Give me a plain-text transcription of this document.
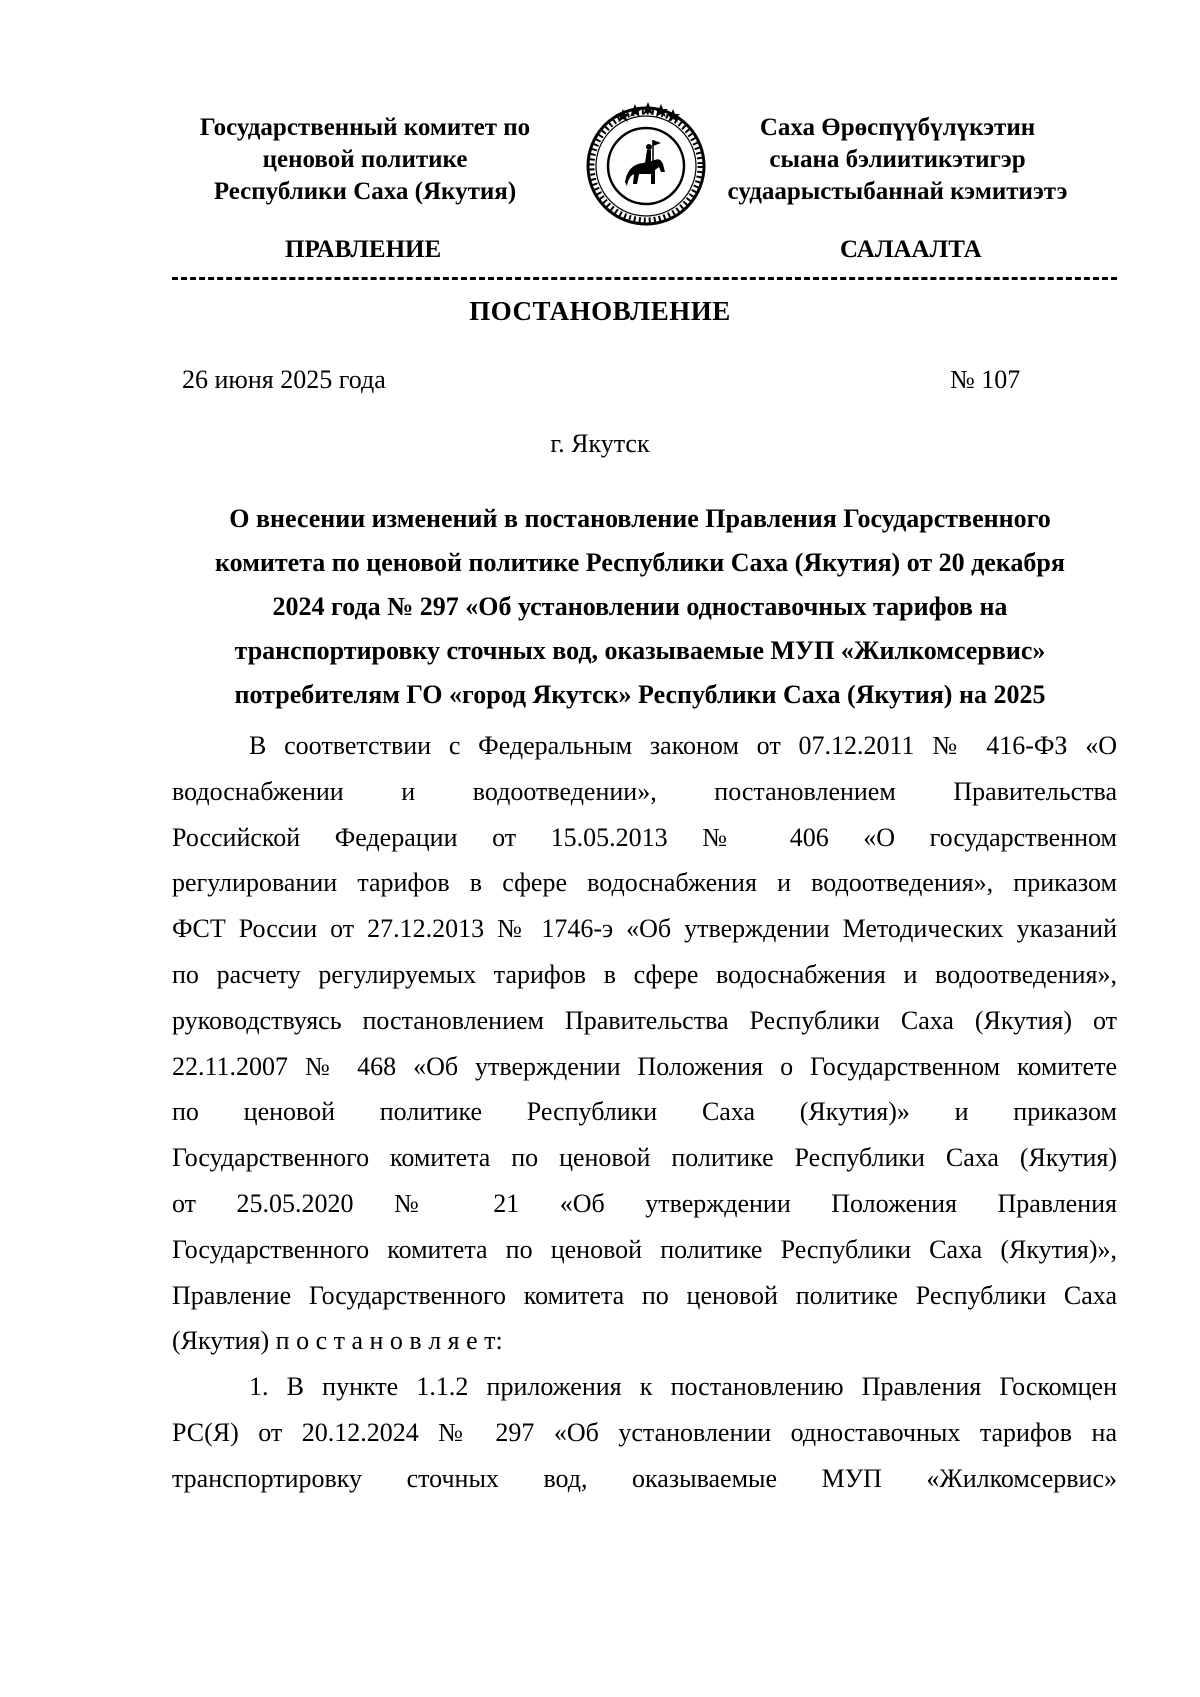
Государственный комитет по
ценовой политике
Республики Саха (Якутия)
Саха Өрөспүүбүлүкэтин
сыана бэлиитикэтигэр
судаарыстыбаннай кэмитиэтэ
ПРАВЛЕНИЕ	САЛААЛТА
ПОСТАНОВЛЕНИЕ
26 июня 2025 года	№ 107
г. Якутск
О внесении изменений в постановление Правления Государственного
комитета по ценовой политике Республики Саха (Якутия) от 20 декабря
2024 года № 297 «Об установлении одноставочных тарифов на
транспортировку сточных вод, оказываемые МУП «Жилкомсервис»
потребителям ГО «город Якутск» Республики Саха (Якутия) на 2025
В соответствии с Федеральным законом от 07.12.2011 № 416-ФЗ «О
водоснабжении и водоотведении», постановлением Правительства
Российской Федерации от 15.05.2013 № 406 «О государственном
регулировании тарифов в сфере водоснабжения и водоотведения», приказом
ФСТ России от 27.12.2013 № 1746-э «Об утверждении Методических указаний
по расчету регулируемых тарифов в сфере водоснабжения и водоотведения»,
руководствуясь постановлением Правительства Республики Саха (Якутия) от
22.11.2007 № 468 «Об утверждении Положения о Государственном комитете
по ценовой политике Республики Саха (Якутия)» и приказом
Государственного комитета по ценовой политике Республики Саха (Якутия)
от 25.05.2020 № 21 «Об утверждении Положения Правления
Государственного комитета по ценовой политике Республики Саха (Якутия)»,
Правление Государственного комитета по ценовой политике Республики Саха
(Якутия) п о с т а н о в л я е т:
1. В пункте 1.1.2 приложения к постановлению Правления Госкомцен
РС(Я) от 20.12.2024 № 297 «Об установлении одноставочных тарифов на
транспортировку сточных вод, оказываемые МУП «Жилкомсервис»
